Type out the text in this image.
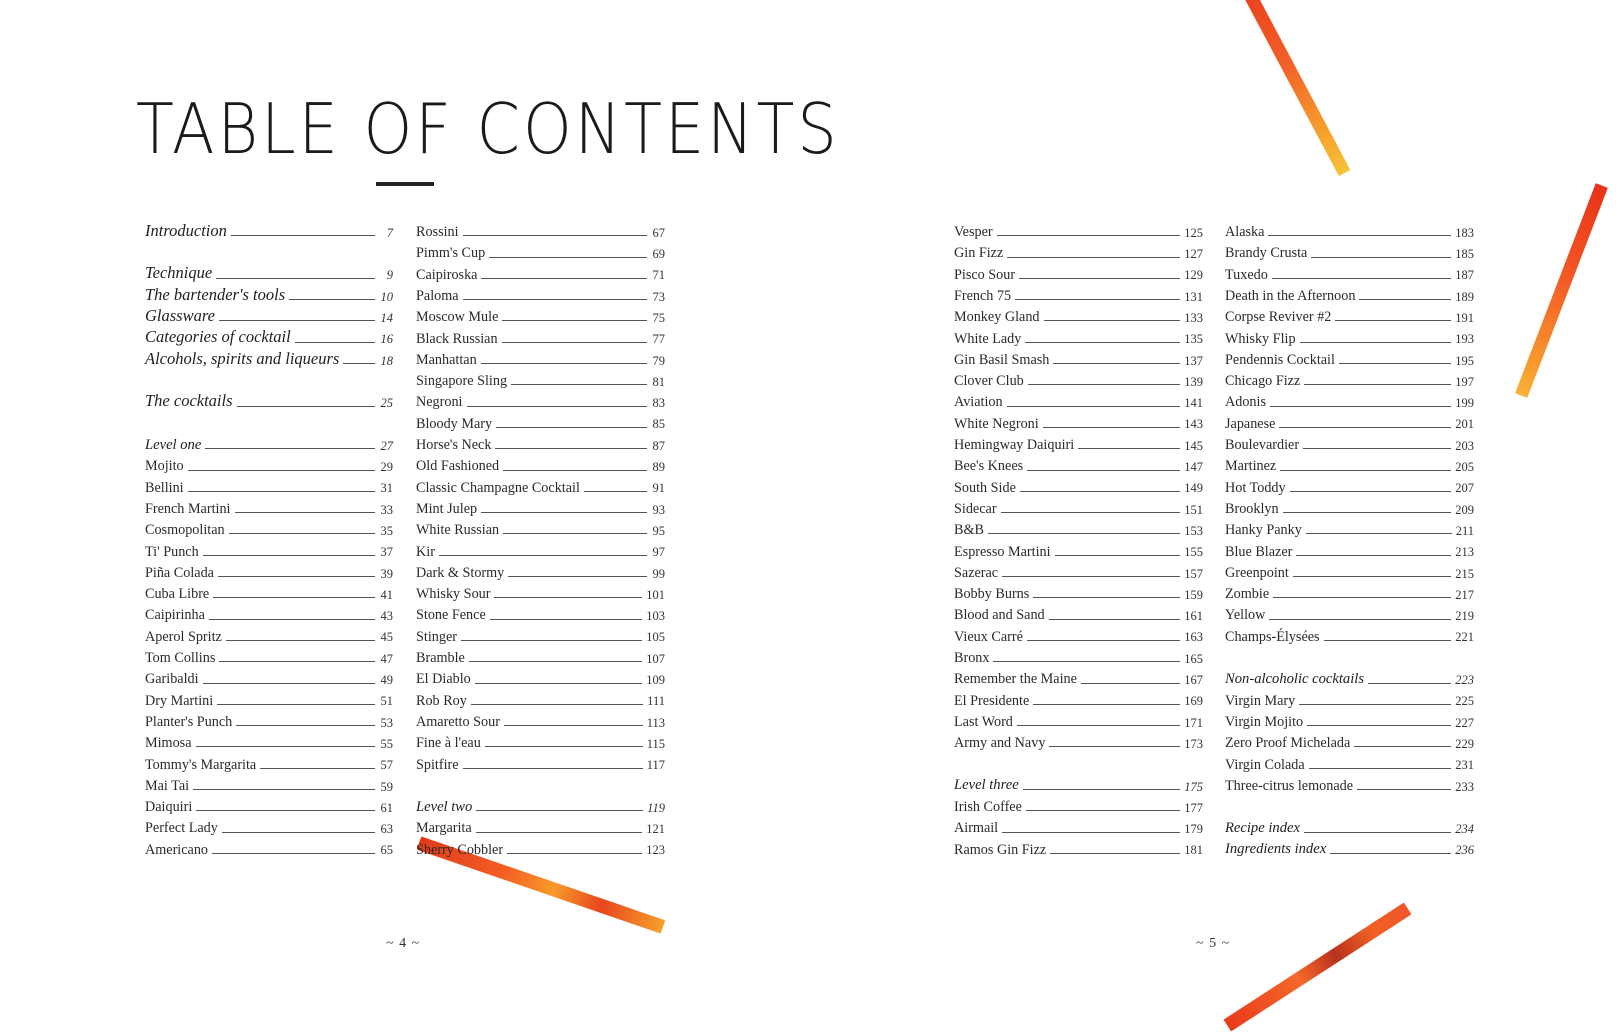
TABLE OF CONTENTS
Introduction	7
Technique	9
The bartender's tools	10
Glassware	14
Categories of cocktail	16
Alcohols, spirits and liqueurs	18
The cocktails	25
Level one	27
Mojito	29
Bellini	31
French Martini	33
Cosmopolitan	35
Ti' Punch	37
Piña Colada	39
Cuba Libre	41
Caipirinha	43
Aperol Spritz	45
Tom Collins	47
Garibaldi	49
Dry Martini	51
Planter's Punch	53
Mimosa	55
Tommy's Margarita	57
Mai Tai	59
Daiquiri	61
Perfect Lady	63
Americano	65
Rossini	67
Pimm's Cup	69
Caipiroska	71
Paloma	73
Moscow Mule	75
Black Russian	77
Manhattan	79
Singapore Sling	81
Negroni	83
Bloody Mary	85
Horse's Neck	87
Old Fashioned	89
Classic Champagne Cocktail	91
Mint Julep	93
White Russian	95
Kir	97
Dark & Stormy	99
Whisky Sour	101
Stone Fence	103
Stinger	105
Bramble	107
El Diablo	109
Rob Roy	111
Amaretto Sour	113
Fine à l'eau	115
Spitfire	117
Level two	119
Margarita	121
Sherry Cobbler	123
Vesper	125
Gin Fizz	127
Pisco Sour	129
French 75	131
Monkey Gland	133
White Lady	135
Gin Basil Smash	137
Clover Club	139
Aviation	141
White Negroni	143
Hemingway Daiquiri	145
Bee's Knees	147
South Side	149
Sidecar	151
B&B	153
Espresso Martini	155
Sazerac	157
Bobby Burns	159
Blood and Sand	161
Vieux Carré	163
Bronx	165
Remember the Maine	167
El Presidente	169
Last Word	171
Army and Navy	173
Level three	175
Irish Coffee	177
Airmail	179
Ramos Gin Fizz	181
Alaska	183
Brandy Crusta	185
Tuxedo	187
Death in the Afternoon	189
Corpse Reviver #2	191
Whisky Flip	193
Pendennis Cocktail	195
Chicago Fizz	197
Adonis	199
Japanese	201
Boulevardier	203
Martinez	205
Hot Toddy	207
Brooklyn	209
Hanky Panky	211
Blue Blazer	213
Greenpoint	215
Zombie	217
Yellow	219
Champs-Élysées	221
Non-alcoholic cocktails	223
Virgin Mary	225
Virgin Mojito	227
Zero Proof Michelada	229
Virgin Colada	231
Three-citrus lemonade	233
Recipe index	234
Ingredients index	236
~ 4 ~	~ 5 ~
